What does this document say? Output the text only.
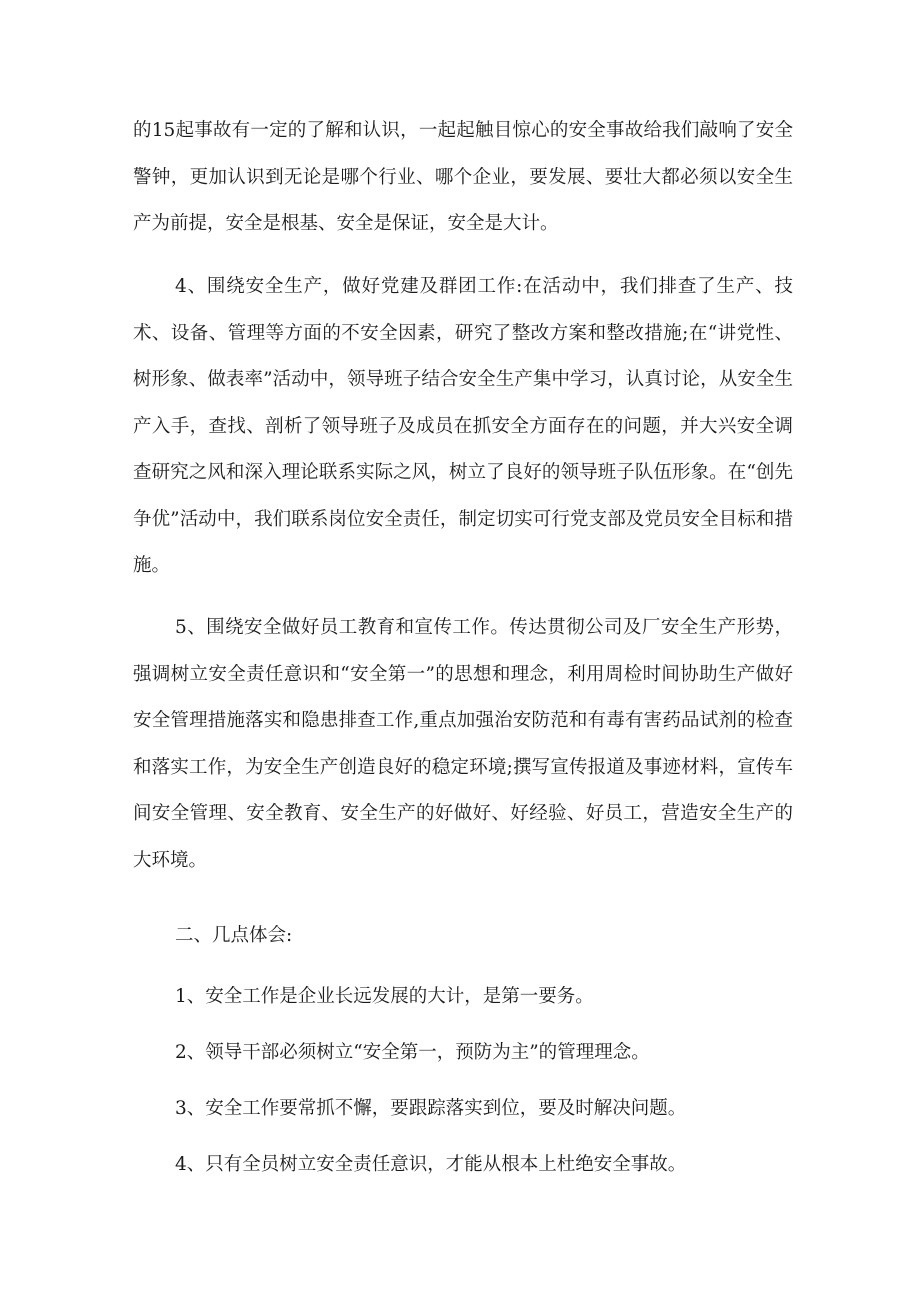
的15起事故有一定的了解和认识，一起起触目惊心的安全事故给我们敲响了安全警钟，更加认识到无论是哪个行业、哪个企业，要发展、要壮大都必须以安全生产为前提，安全是根基、安全是保证，安全是大计。

4、围绕安全生产，做好党建及群团工作:在活动中，我们排查了生产、技术、设备、管理等方面的不安全因素，研究了整改方案和整改措施;在“讲党性、树形象、做表率”活动中，领导班子结合安全生产集中学习，认真讨论，从安全生产入手，查找、剖析了领导班子及成员在抓安全方面存在的问题，并大兴安全调查研究之风和深入理论联系实际之风，树立了良好的领导班子队伍形象。在“创先争优”活动中，我们联系岗位安全责任，制定切实可行党支部及党员安全目标和措施。

5、围绕安全做好员工教育和宣传工作。传达贯彻公司及厂安全生产形势，强调树立安全责任意识和“安全第一”的思想和理念，利用周检时间协助生产做好安全管理措施落实和隐患排查工作,重点加强治安防范和有毒有害药品试剂的检查和落实工作，为安全生产创造良好的稳定环境;撰写宣传报道及事迹材料，宣传车间安全管理、安全教育、安全生产的好做好、好经验、好员工，营造安全生产的大环境。

二、几点体会:

1、安全工作是企业长远发展的大计，是第一要务。

2、领导干部必须树立“安全第一，预防为主”的管理理念。

3、安全工作要常抓不懈，要跟踪落实到位，要及时解决问题。

4、只有全员树立安全责任意识，才能从根本上杜绝安全事故。
